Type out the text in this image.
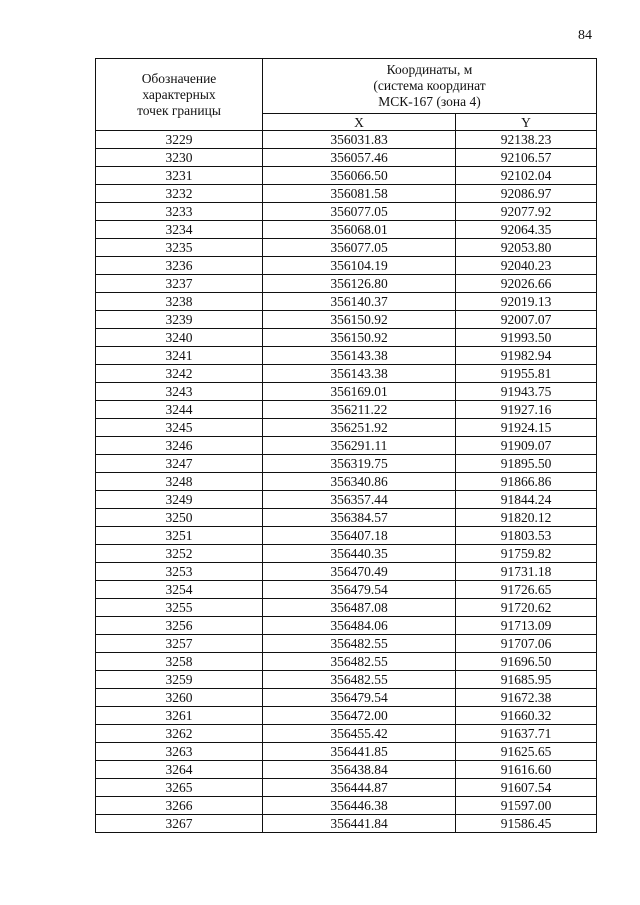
84
Обозначение
характерных
точек границы	Координаты, м
(система координат
МСК-167 (зона 4)	

	X	Y
3229	356031.83	92138.23
3230	356057.46	92106.57
3231	356066.50	92102.04
3232	356081.58	92086.97
3233	356077.05	92077.92
3234	356068.01	92064.35
3235	356077.05	92053.80
3236	356104.19	92040.23
3237	356126.80	92026.66
3238	356140.37	92019.13
3239	356150.92	92007.07
3240	356150.92	91993.50
3241	356143.38	91982.94
3242	356143.38	91955.81
3243	356169.01	91943.75
3244	356211.22	91927.16
3245	356251.92	91924.15
3246	356291.11	91909.07
3247	356319.75	91895.50
3248	356340.86	91866.86
3249	356357.44	91844.24
3250	356384.57	91820.12
3251	356407.18	91803.53
3252	356440.35	91759.82
3253	356470.49	91731.18
3254	356479.54	91726.65
3255	356487.08	91720.62
3256	356484.06	91713.09
3257	356482.55	91707.06
3258	356482.55	91696.50
3259	356482.55	91685.95
3260	356479.54	91672.38
3261	356472.00	91660.32
3262	356455.42	91637.71
3263	356441.85	91625.65
3264	356438.84	91616.60
3265	356444.87	91607.54
3266	356446.38	91597.00
3267	356441.84	91586.45
